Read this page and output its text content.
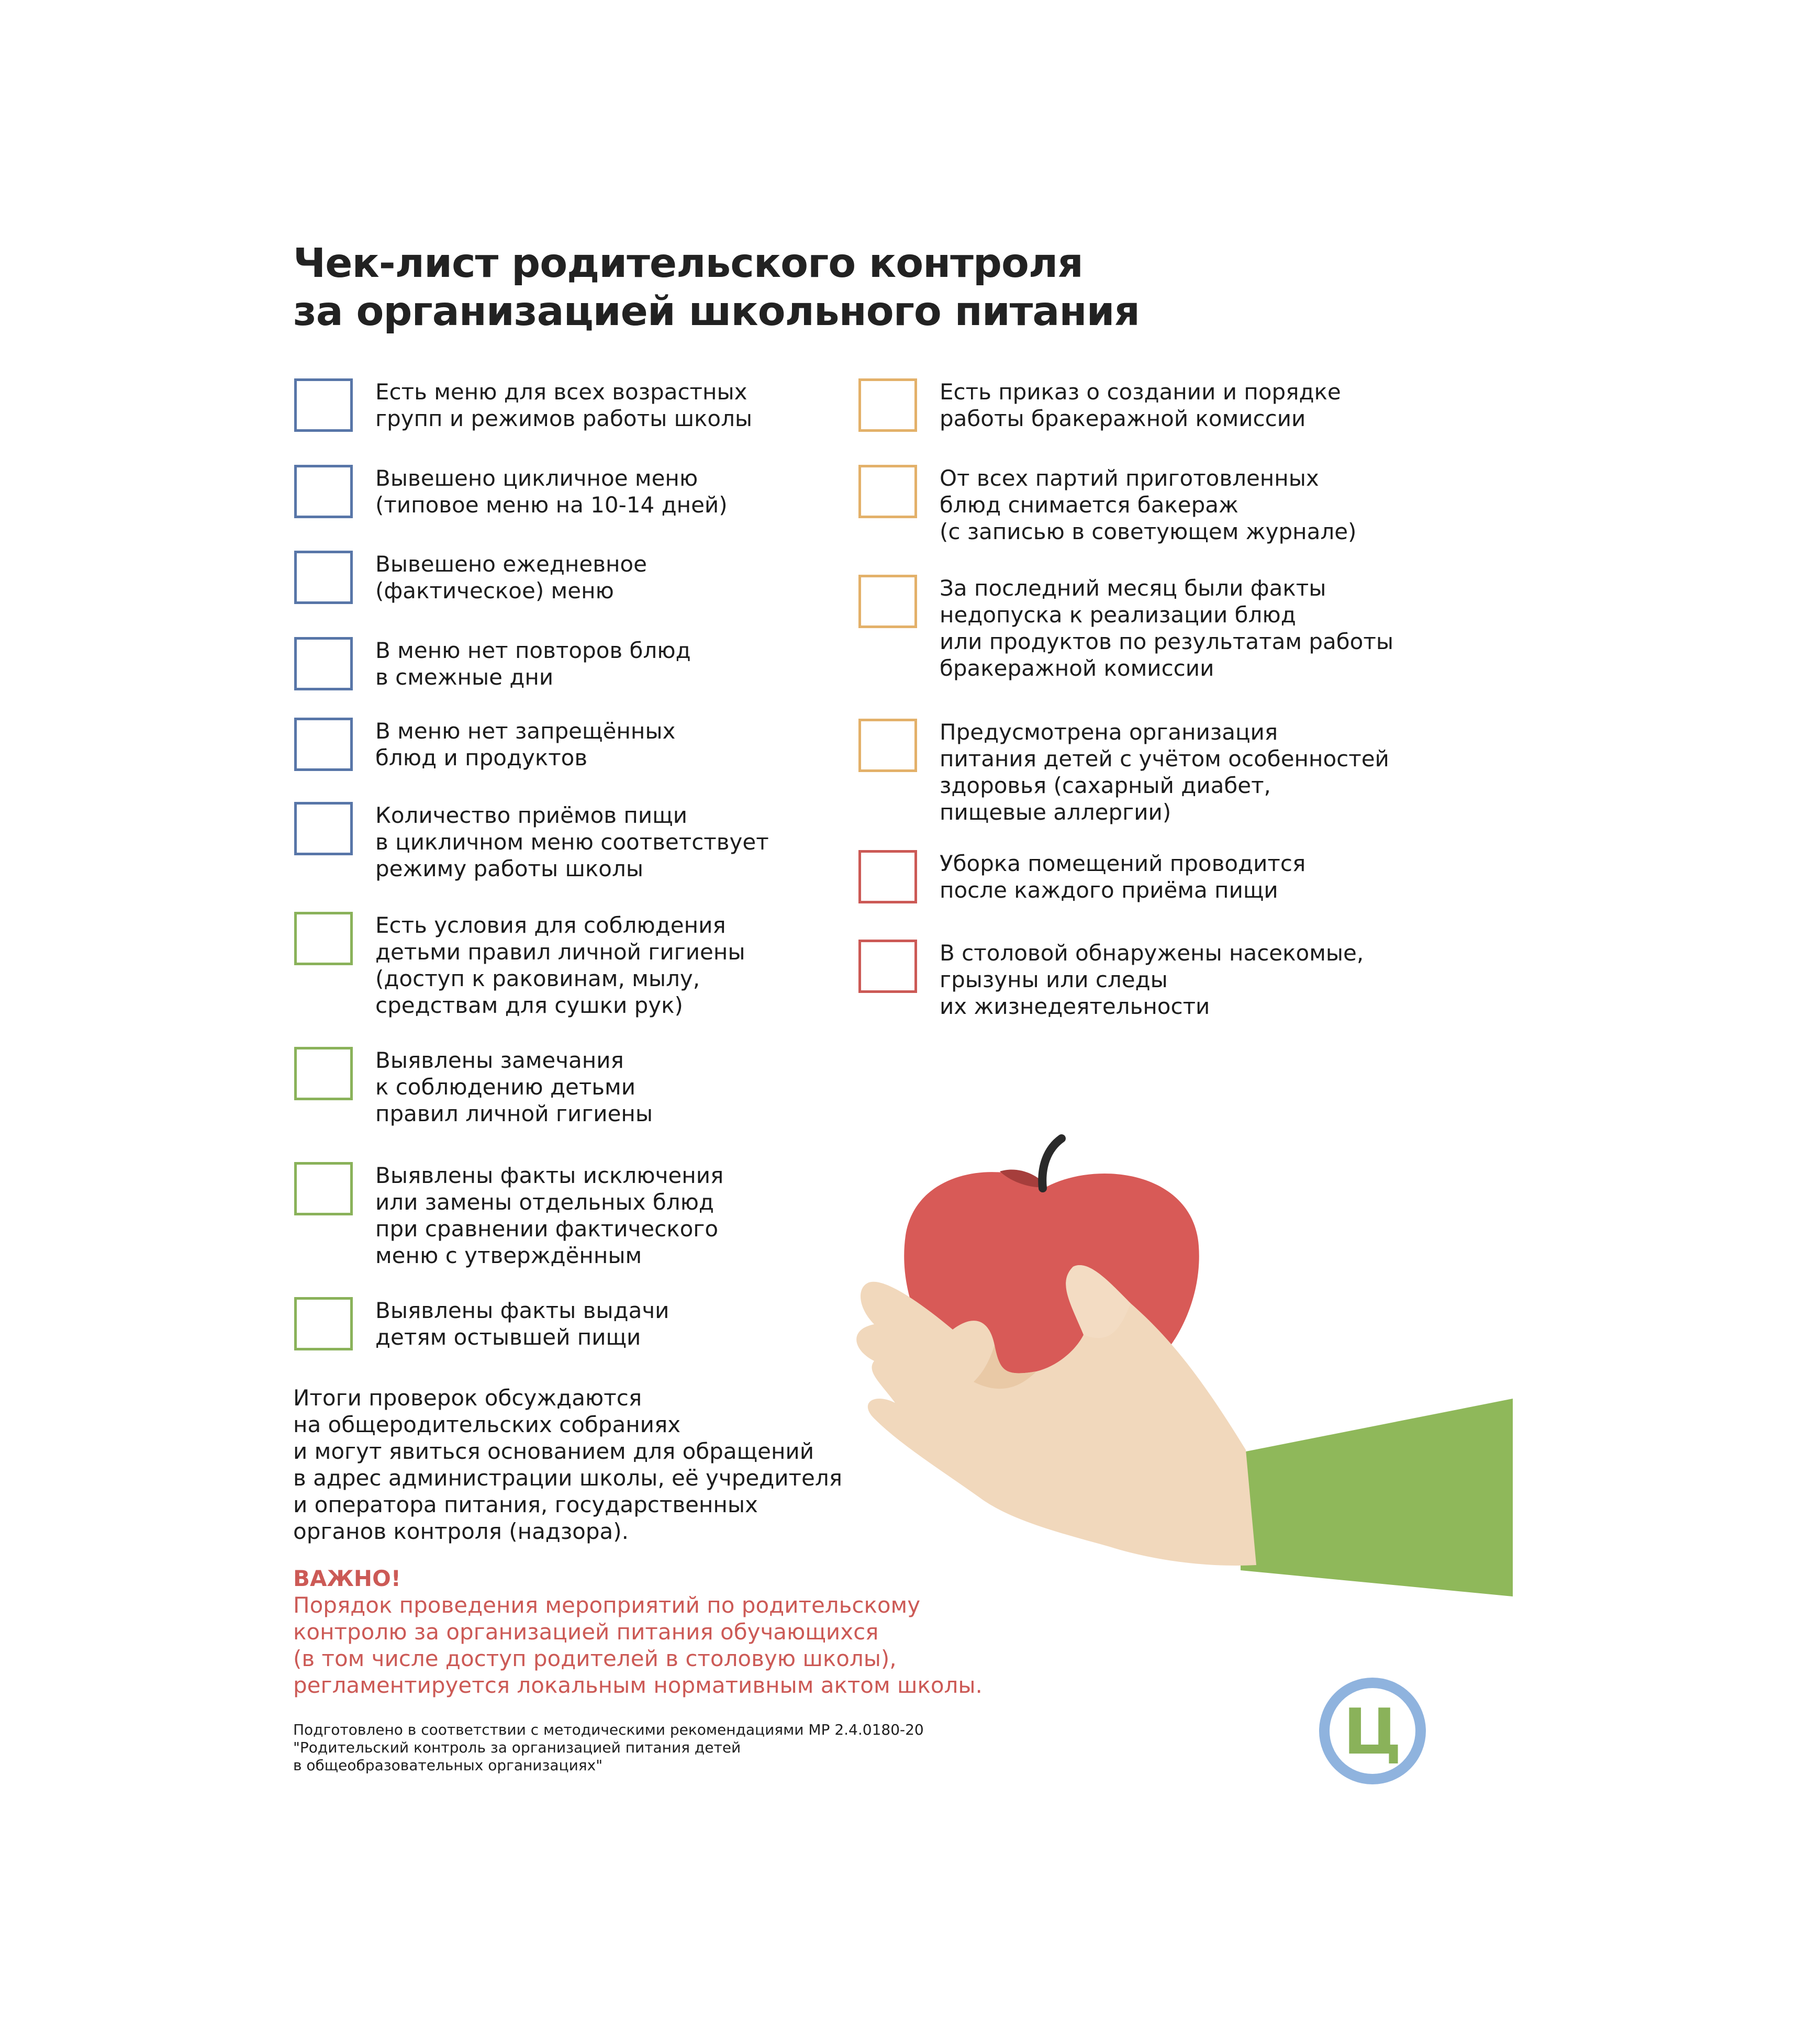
Чек-лист родительского контроля
за организацией школьного питания
Есть меню для всех возрастных
групп и режимов работы школы
Вывешено цикличное меню
(типовое меню на 10-14 дней)
Вывешено ежедневное
(фактическое) меню
В меню нет повторов блюд
в смежные дни
В меню нет запрещённых
блюд и продуктов
Количество приёмов пищи
в цикличном меню соответствует
режиму работы школы
Есть условия для соблюдения
детьми правил личной гигиены
(доступ к раковинам, мылу,
средствам для сушки рук)
Выявлены замечания
к соблюдению детьми
правил личной гигиены
Выявлены факты исключения
или замены отдельных блюд
при сравнении фактического
меню с утверждённым
Выявлены факты выдачи
детям остывшей пищи
Есть приказ о создании и порядке
работы бракеражной комиссии
От всех партий приготовленных
блюд снимается бакераж
(с записью в советующем журнале)
За последний месяц были факты
недопуска к реализации блюд
или продуктов по результатам работы
бракеражной комиссии
Предусмотрена организация
питания детей с учётом особенностей
здоровья (сахарный диабет,
пищевые аллергии)
Уборка помещений проводится
после каждого приёма пищи
В столовой обнаружены насекомые,
грызуны или следы
их жизнедеятельности
Итоги проверок обсуждаются
на общеродительских собраниях
и могут явиться основанием для обращений
в адрес администрации школы, её учредителя
и оператора питания, государственных
органов контроля (надзора).
ВАЖНО!
Порядок проведения мероприятий по родительскому
контролю за организацией питания обучающихся
(в том числе доступ родителей в столовую школы),
регламентируется локальным нормативным актом школы.
Подготовлено в соответствии с методическими рекомендациями МР 2.4.0180-20
"Родительский контроль за организацией питания детей
в общеобразовательных организациях"	Ц
